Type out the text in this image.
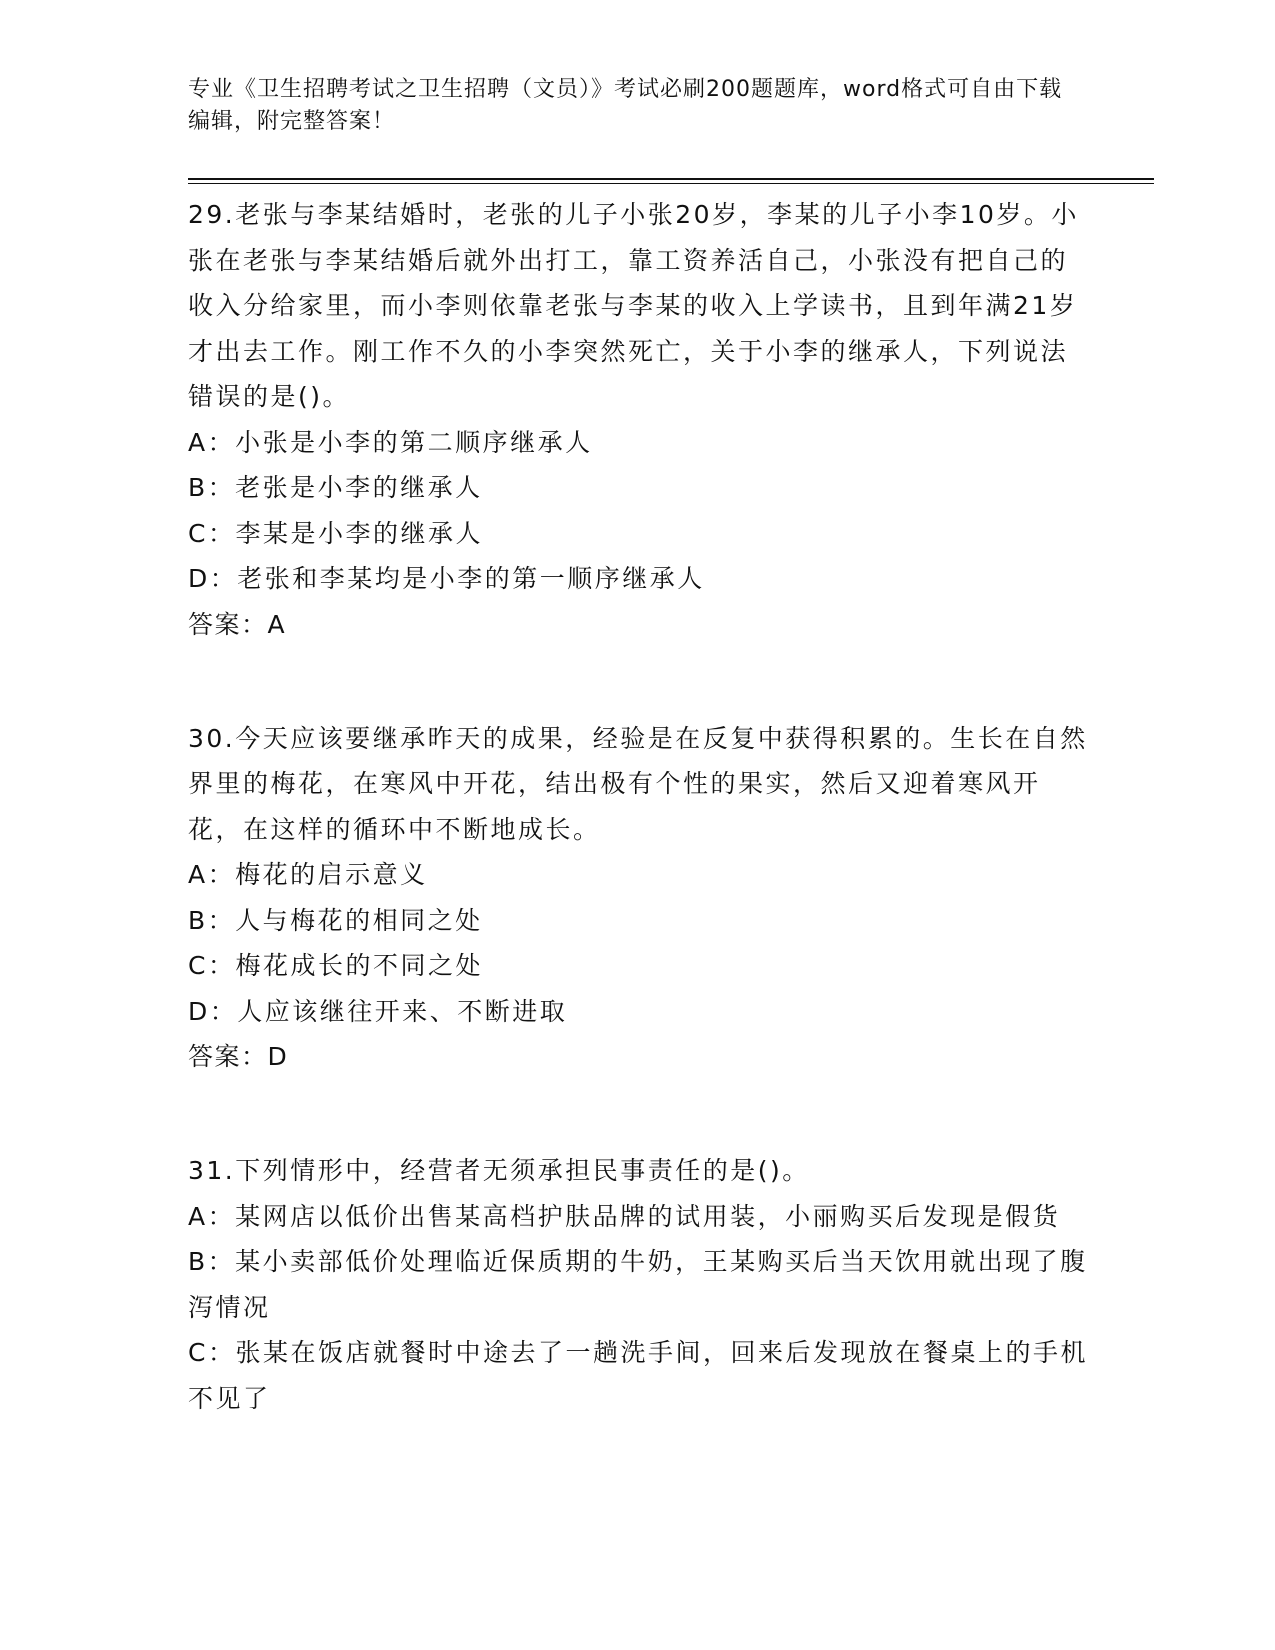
专业《卫生招聘考试之卫生招聘（文员）》考试必刷200题题库，word格式可自由下载编辑，附完整答案！

29.老张与李某结婚时，老张的儿子小张20岁，李某的儿子小李10岁。小张在老张与李某结婚后就外出打工，靠工资养活自己，小张没有把自己的收入分给家里，而小李则依靠老张与李某的收入上学读书，且到年满21岁才出去工作。刚工作不久的小李突然死亡，关于小李的继承人，下列说法错误的是()。

A：小张是小李的第二顺序继承人

B：老张是小李的继承人

C：李某是小李的继承人

D：老张和李某均是小李的第一顺序继承人

答案：A

30.今天应该要继承昨天的成果，经验是在反复中获得积累的。生长在自然界里的梅花，在寒风中开花，结出极有个性的果实，然后又迎着寒风开花，在这样的循环中不断地成长。

A：梅花的启示意义

B：人与梅花的相同之处

C：梅花成长的不同之处

D：人应该继往开来、不断进取

答案：D

31.下列情形中，经营者无须承担民事责任的是()。

A：某网店以低价出售某高档护肤品牌的试用装，小丽购买后发现是假货

B：某小卖部低价处理临近保质期的牛奶，王某购买后当天饮用就出现了腹泻情况

C：张某在饭店就餐时中途去了一趟洗手间，回来后发现放在餐桌上的手机不见了
